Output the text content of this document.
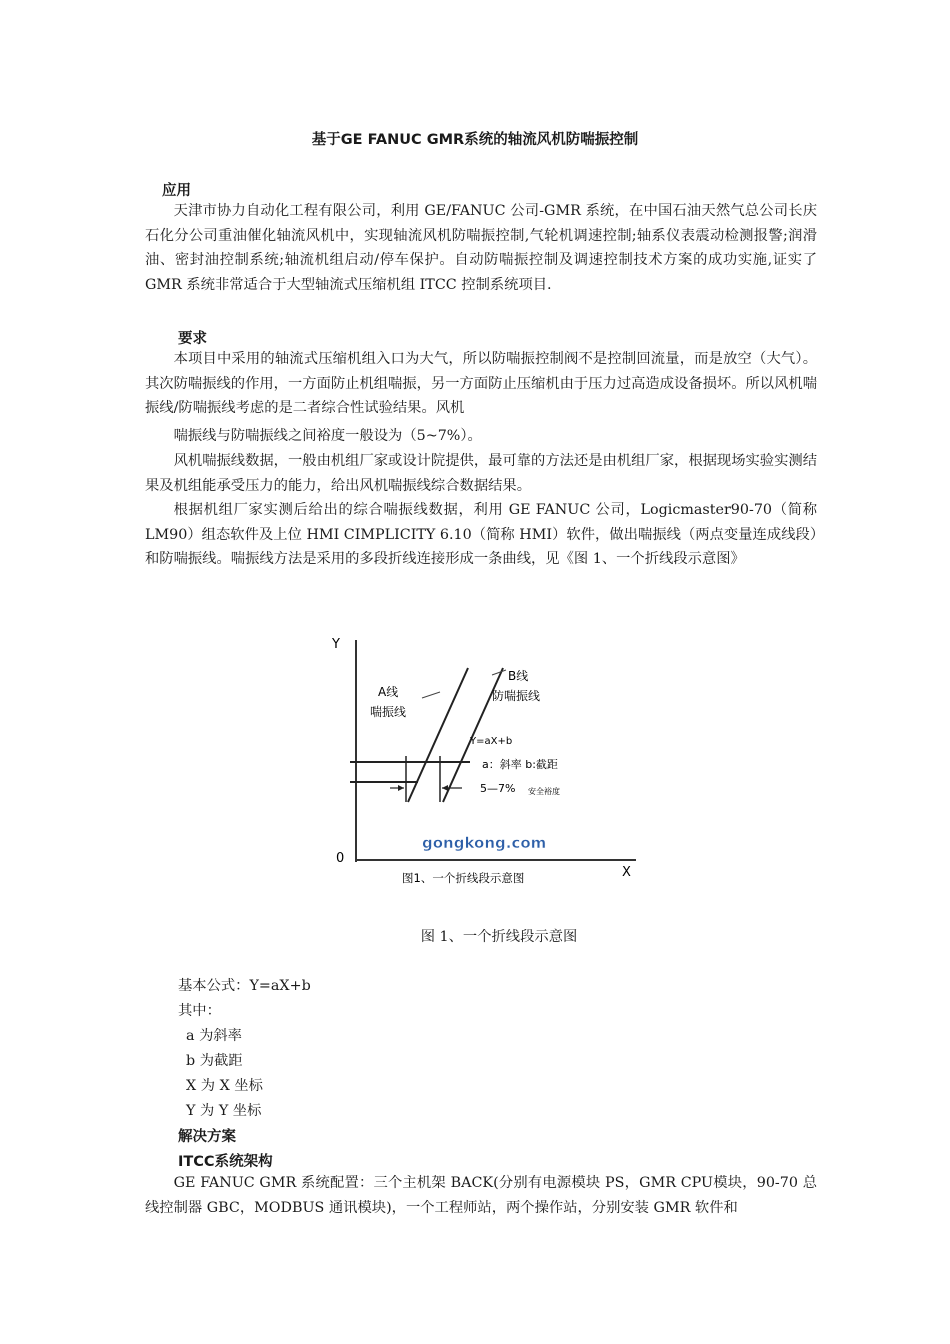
基于GE FANUC GMR系统的轴流风机防喘振控制
应用

天津市协力自动化工程有限公司，利用 GE/FANUC 公司-GMR 系统，在中国石油天然气总公司长庆石化分公司重油催化轴流风机中，实现轴流风机防喘振控制,气轮机调速控制;轴系仪表震动检测报警;润滑油、密封油控制系统;轴流机组启动/停车保护。自动防喘振控制及调速控制技术方案的成功实施,证实了 GMR 系统非常适合于大型轴流式压缩机组 ITCC 控制系统项目.

要求

本项目中采用的轴流式压缩机组入口为大气，所以防喘振控制阀不是控制回流量，而是放空（大气）。其次防喘振线的作用，一方面防止机组喘振，另一方面防止压缩机由于压力过高造成设备损坏。所以风机喘振线/防喘振线考虑的是二者综合性试验结果。风机

喘振线与防喘振线之间裕度一般设为（5~7%）。

风机喘振线数据，一般由机组厂家或设计院提供，最可靠的方法还是由机组厂家，根据现场实验实测结果及机组能承受压力的能力，给出风机喘振线综合数据结果。

根据机组厂家实测后给出的综合喘振线数据，利用 GE FANUC 公司，Logicmaster90-70（简称 LM90）组态软件及上位 HMI CIMPLICITY 6.10（简称 HMI）软件，做出喘振线（两点变量连成线段）和防喘振线。喘振线方法是采用的多段折线连接形成一条曲线，见《图 1、一个折线段示意图》

Y
0
X
A线
喘振线
B线
防喘振线
Y=aX+b
a：斜率 b:截距
5—7% 安全裕度
gongkong.com
图1、一个折线段示意图
图 1、一个折线段示意图
基本公式：Y=aX+b
其中：
a 为斜率
b 为截距
X 为 X 坐标
Y 为 Y 坐标
解决方案
ITCC系统架构

GE FANUC GMR 系统配置：三个主机架 BACK(分别有电源模块 PS，GMR CPU模块，90-70 总线控制器 GBC，MODBUS 通讯模块)，一个工程师站，两个操作站，分别安装 GMR 软件和
